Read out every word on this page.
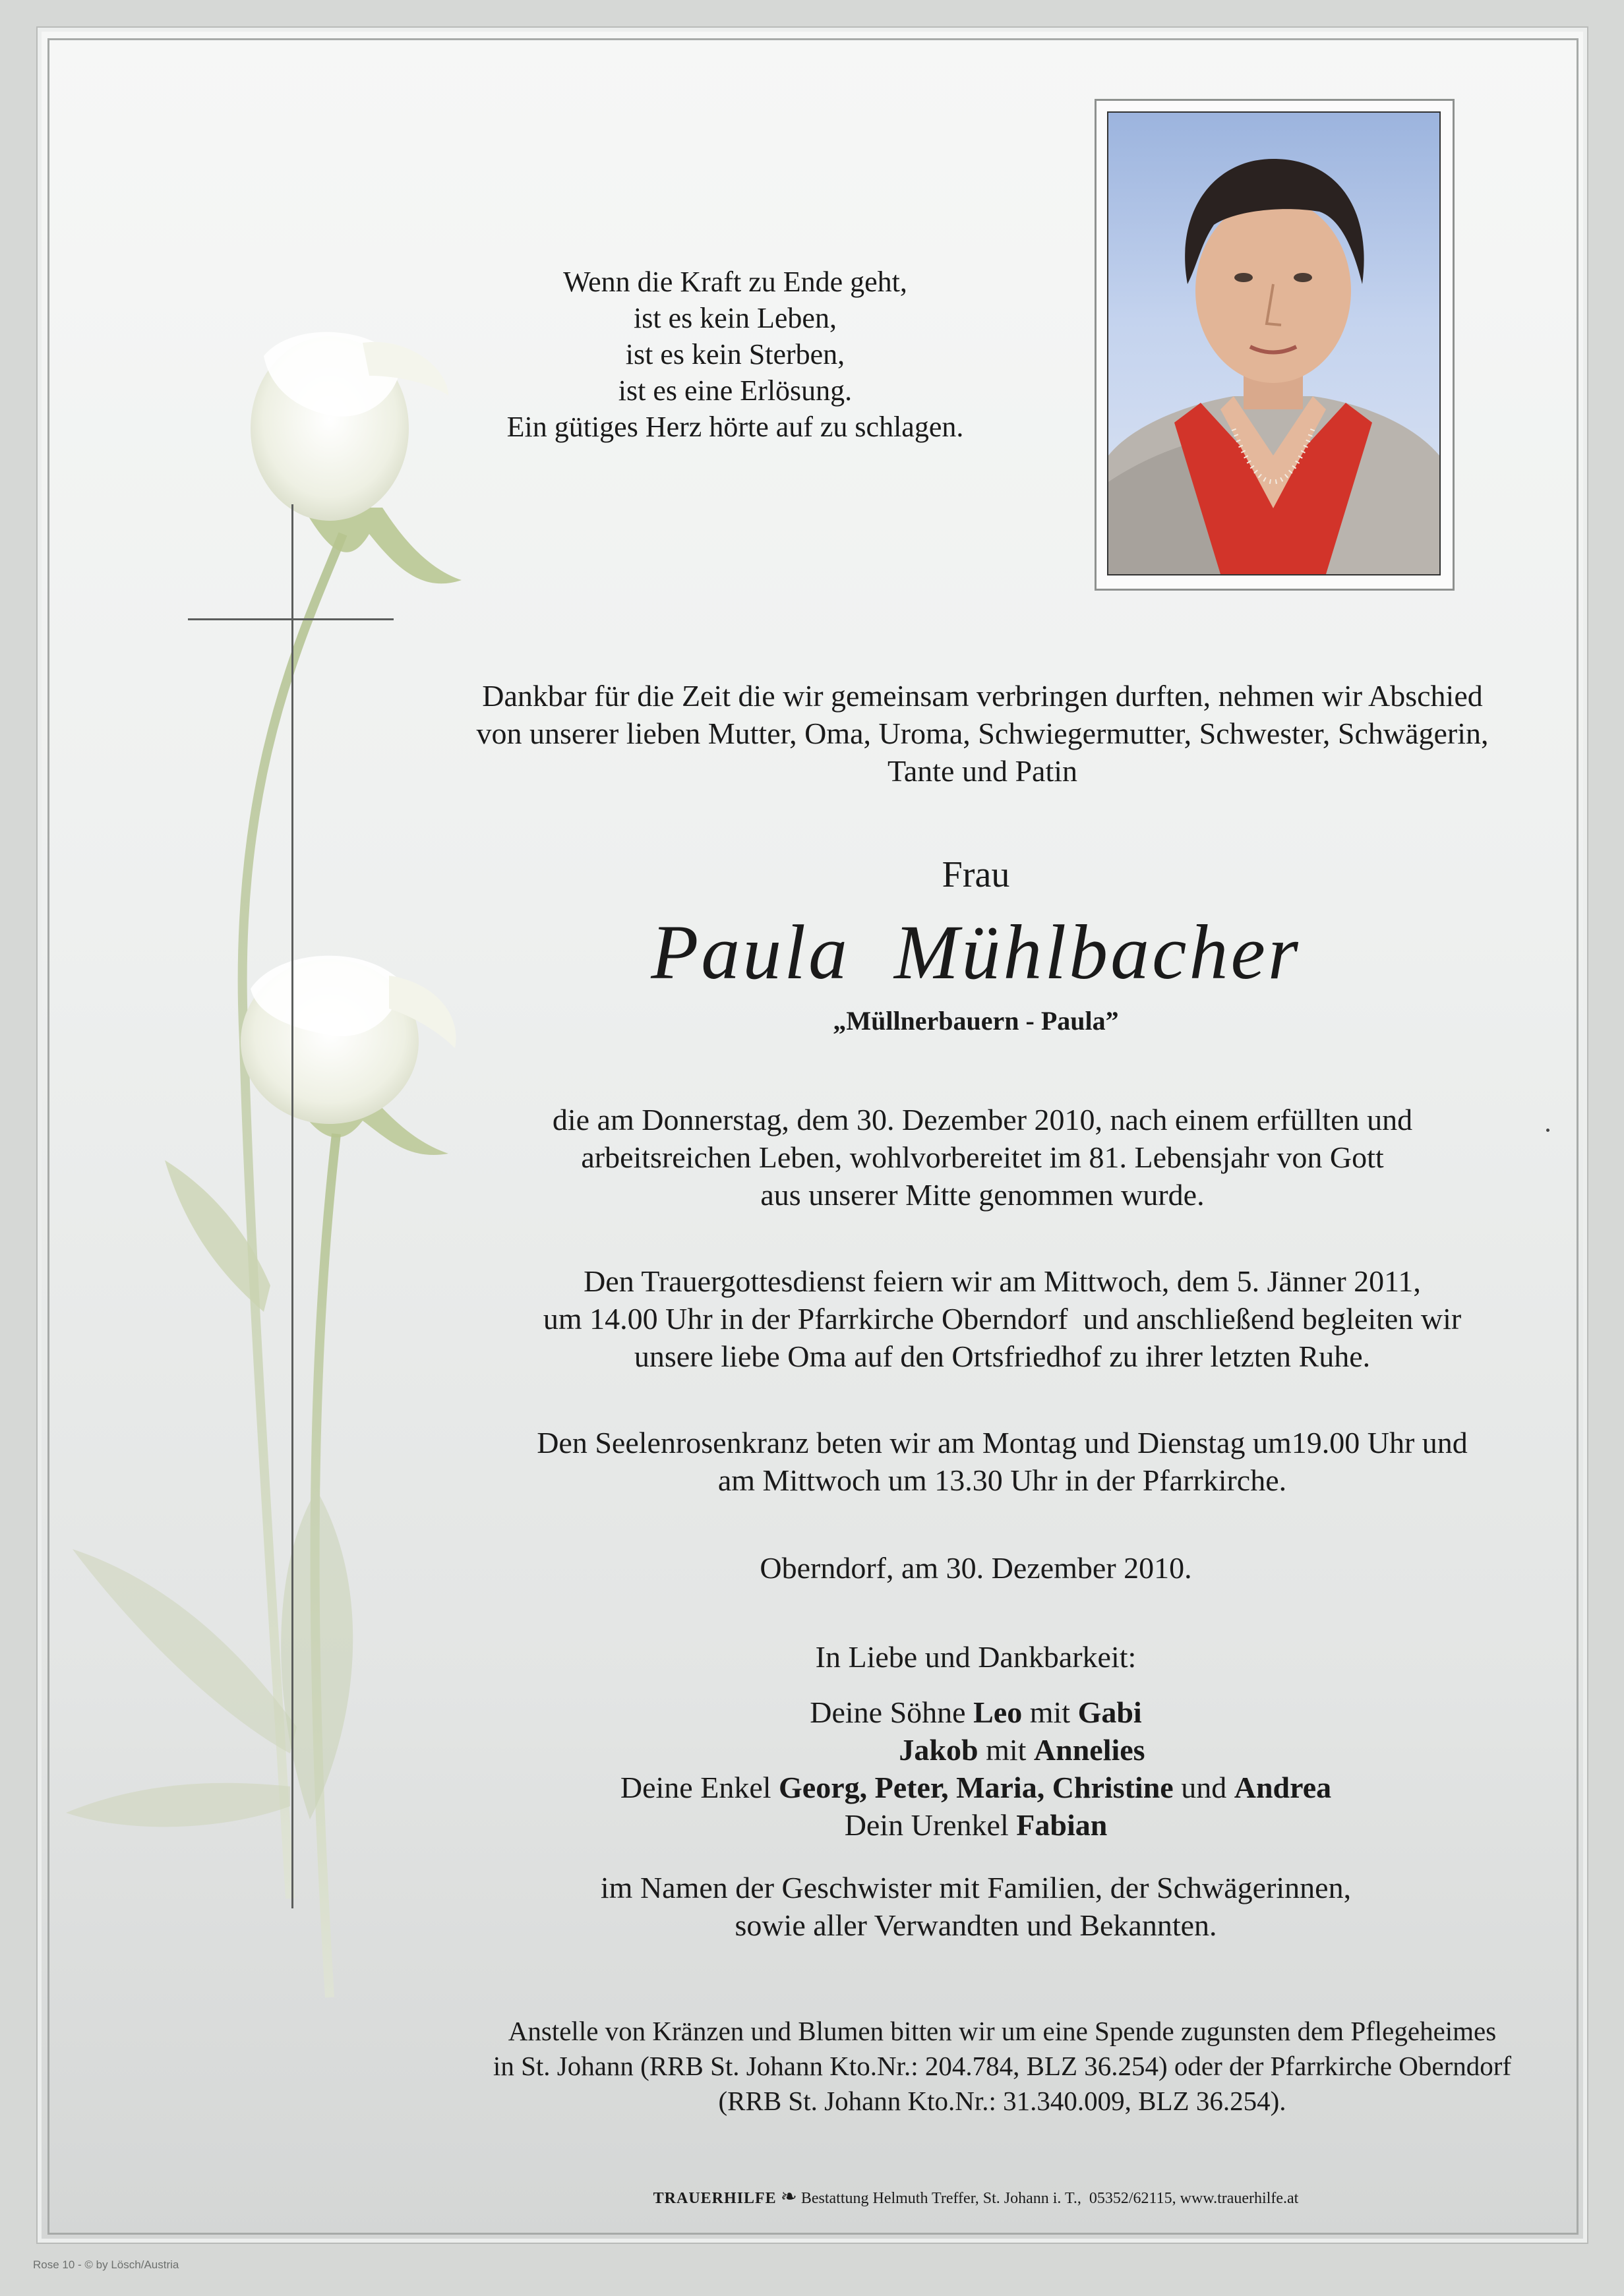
Wenn die Kraft zu Ende geht,
ist es kein Leben,
ist es kein Sterben,
ist es eine Erlösung.
Ein gütiges Herz hörte auf zu schlagen.
Dankbar für die Zeit die wir gemeinsam verbringen durften, nehmen wir Abschied
von unserer lieben Mutter, Oma, Uroma, Schwiegermutter, Schwester, Schwägerin,
Tante und Patin
Frau
Paula  Mühlbacher
„Müllnerbauern - Paula”
die am Donnerstag, dem 30. Dezember 2010, nach einem erfüllten und
arbeitsreichen Leben, wohlvorbereitet im 81. Lebensjahr von Gott
aus unserer Mitte genommen wurde.
Den Trauergottesdienst feiern wir am Mittwoch, dem 5. Jänner 2011,
um 14.00 Uhr in der Pfarrkirche Oberndorf  und anschließend begleiten wir
unsere liebe Oma auf den Ortsfriedhof zu ihrer letzten Ruhe.
Den Seelenrosenkranz beten wir am Montag und Dienstag um19.00 Uhr und
am Mittwoch um 13.30 Uhr in der Pfarrkirche.
Oberndorf, am 30. Dezember 2010.
In Liebe und Dankbarkeit:
Deine Söhne Leo mit Gabi
Jakob mit Annelies
Deine Enkel Georg, Peter, Maria, Christine und Andrea
Dein Urenkel Fabian
im Namen der Geschwister mit Familien, der Schwägerinnen,
sowie aller Verwandten und Bekannten.
Anstelle von Kränzen und Blumen bitten wir um eine Spende zugunsten dem Pflegeheimes
in St. Johann (RRB St. Johann Kto.Nr.: 204.784, BLZ 36.254) oder der Pfarrkirche Oberndorf
(RRB St. Johann Kto.Nr.: 31.340.009, BLZ 36.254).
TRAUERHILFE ❧ Bestattung Helmuth Treffer, St. Johann i. T.,  05352/62115, www.trauerhilfe.at
Rose 10 - © by Lösch/Austria
